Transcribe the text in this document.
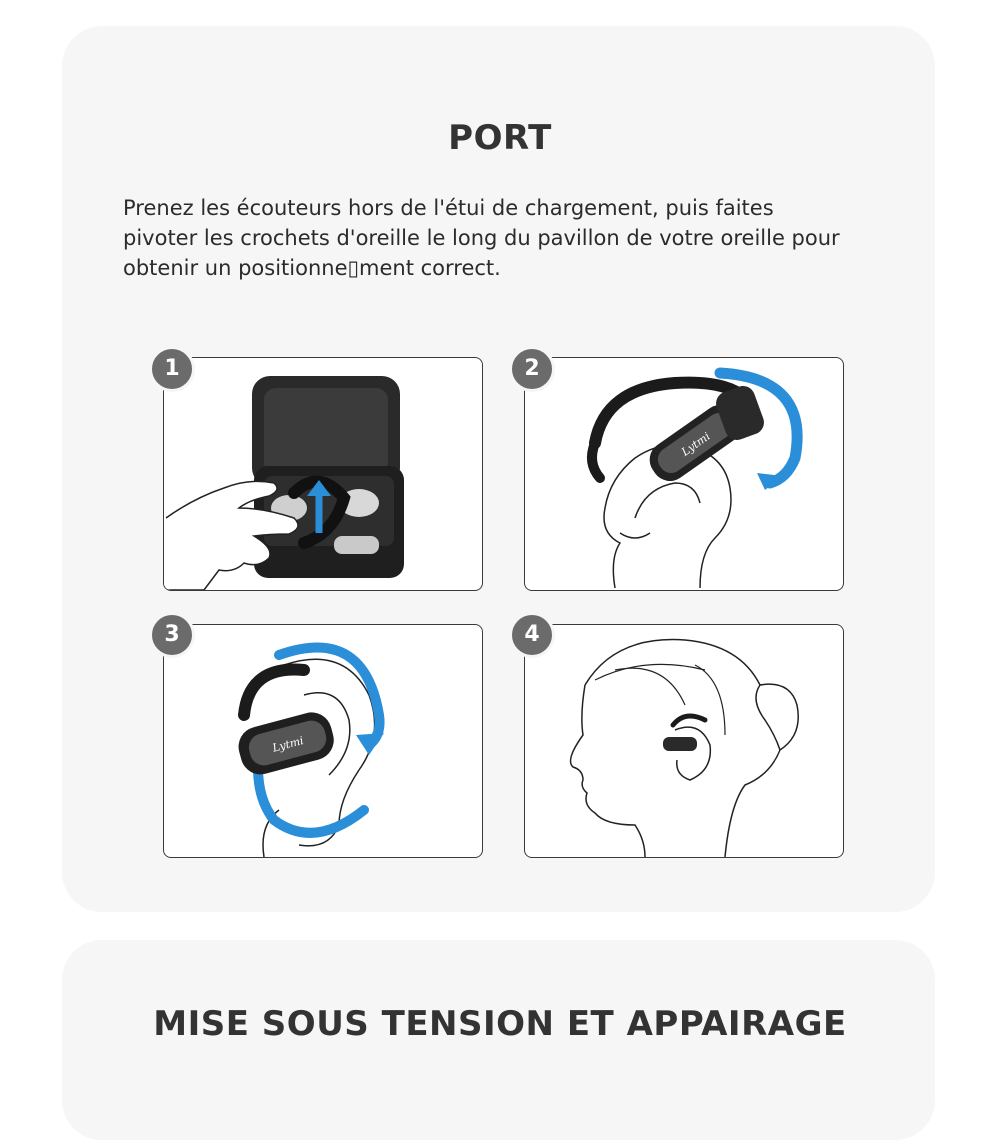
PORT

Prenez les écouteurs hors de l'étui de chargement, puis faites pivoter les crochets d'oreille le long du pavillon de votre oreille pour obtenir un positionne▯ment correct.

1	2
Lytmi
3
Lytmi
4
MISE SOUS TENSION ET APPAIRAGE
